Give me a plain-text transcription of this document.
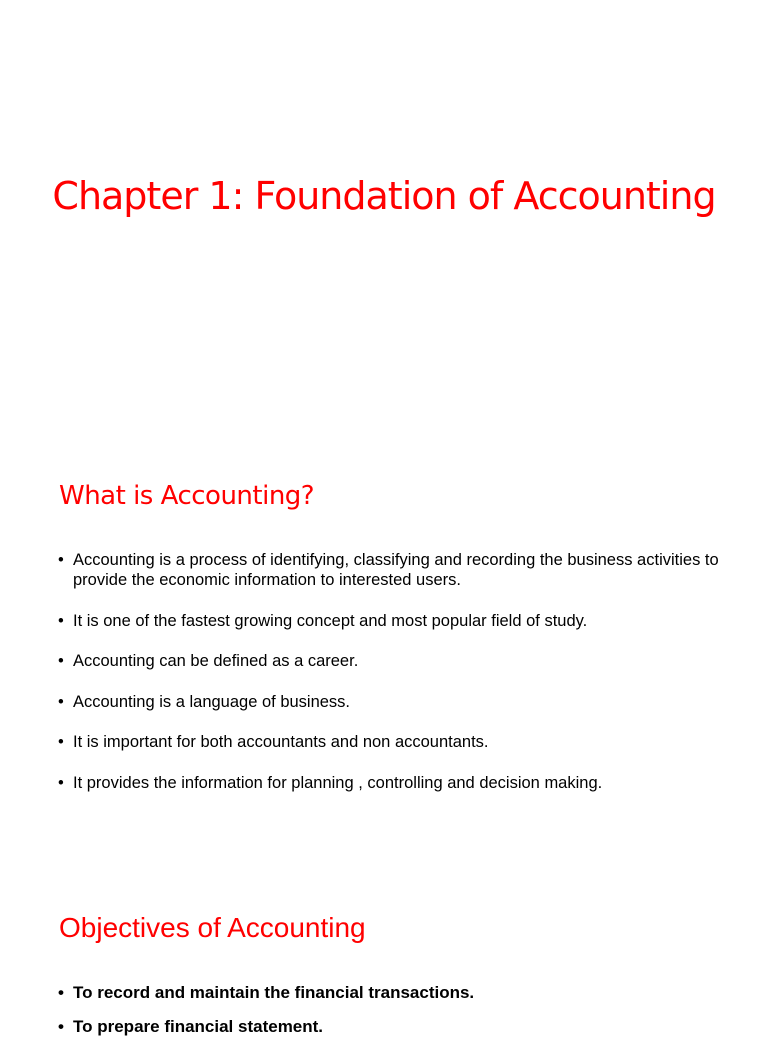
Chapter 1: Foundation of Accounting
What is Accounting?
• Accounting is a process of identifying, classifying and recording the business activities to provide the economic information to interested users.
• It is one of the fastest growing concept and most popular field of study.
• Accounting can be defined as a career.
• Accounting is a language of business.
• It is important for both accountants and non accountants.
• It provides the information for planning , controlling and decision making.
Objectives of Accounting
• To record and maintain the financial transactions.
• To prepare financial statement.
